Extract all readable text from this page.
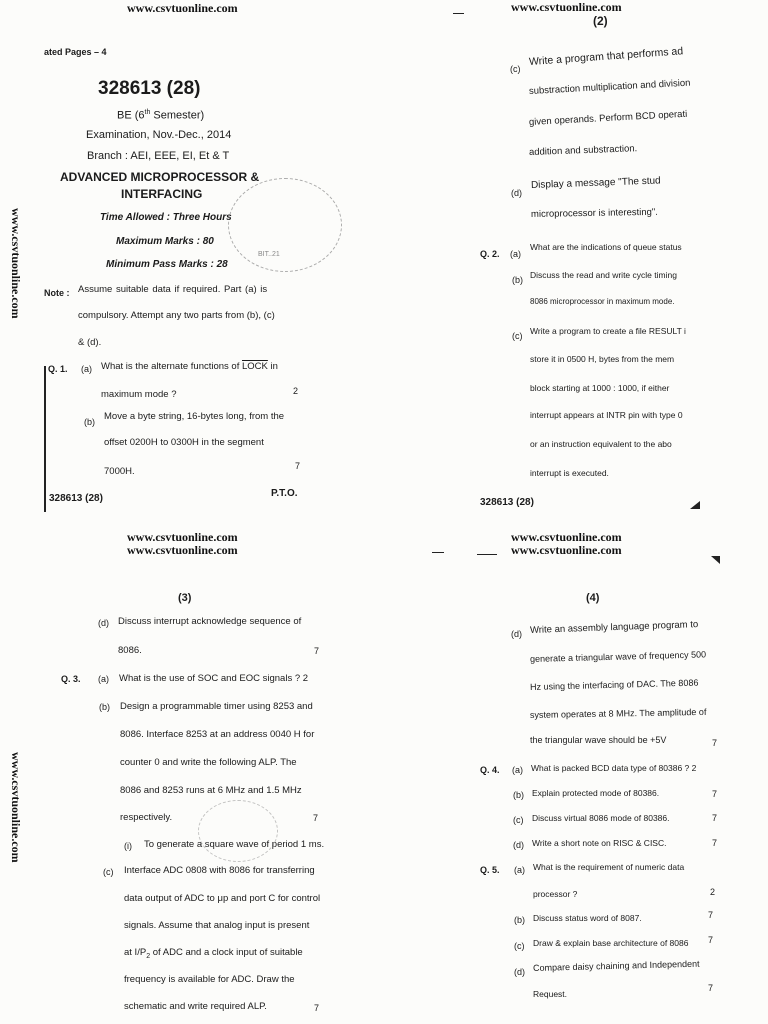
www.csvtuonline.com
www.csvtuonline.com
ated Pages – 4
328613 (28)
BE (6th Semester)
Examination, Nov.-Dec., 2014
Branch : AEI, EEE, EI, Et & T
ADVANCED MICROPROCESSOR &
INTERFACING
Time Allowed : Three Hours
Maximum Marks : 80
Minimum Pass Marks : 28
BIT..21
Note : Assume suitable data if required. Part (a) is
compulsory. Attempt any two parts from (b), (c)
& (d).
Q. 1. (a) What is the alternate functions of LOCK in
maximum mode ?	2
(b) Move a byte string, 16-bytes long, from the
offset 0200H to 0300H in the segment
7000H.	7
328613 (28)	P.T.O.
www.csvtuonline.com
(2)
(c)
Write a program that performs ad
substraction multiplication and division
given operands. Perform BCD operati
addition and substraction.
(d)
Display a message "The stud
microprocessor is interesting".
Q. 2. (a)
What are the indications of queue status
(b) Discuss the read and write cycle timing
8086 microprocessor in maximum mode.
(c) Write a program to create a file RESULT i
store it in 0500 H, bytes from the mem
block starting at 1000 : 1000, if either
interrupt appears at INTR pin with type 0
or an instruction equivalent to the abo
interrupt is executed.
328613 (28)
www.csvtuonline.com
www.csvtuonline.com
www.csvtuonline.com
(3)
(d) Discuss interrupt acknowledge sequence of
8086.	7
Q. 3. (a) What is the use of SOC and EOC signals ? 2
(b) Design a programmable timer using 8253 and
8086. Interface 8253 at an address 0040 H for
counter 0 and write the following ALP. The
8086 and 8253 runs at 6 MHz and 1.5 MHz
respectively.	7
(i) To generate a square wave of period 1 ms.
(c) Interface ADC 0808 with 8086 for transferring
data output of ADC to μp and port C for control
signals. Assume that analog input is present
at $I/P_2$ of ADC and a clock input of suitable
frequency is available for ADC. Draw the
schematic and write required ALP.	7
www.csvtuonline.com
www.csvtuonline.com
(4)
(d) Write an assembly language program to
generate a triangular wave of frequency 500
Hz using the interfacing of DAC. The 8086
system operates at 8 MHz. The amplitude of
the triangular wave should be +5V	7
Q. 4. (a) What is packed BCD data type of 80386 ? 2
(b) Explain protected mode of 80386.	7
(c) Discuss virtual 8086 mode of 80386.	7
(d) Write a short note on RISC & CISC.	7
Q. 5. (a) What is the requirement of numeric data
processor ?	2
(b) Discuss status word of 8087.	7
(c) Draw & explain base architecture of 8086 7
(d) Compare daisy chaining and Independent
Request.
7
